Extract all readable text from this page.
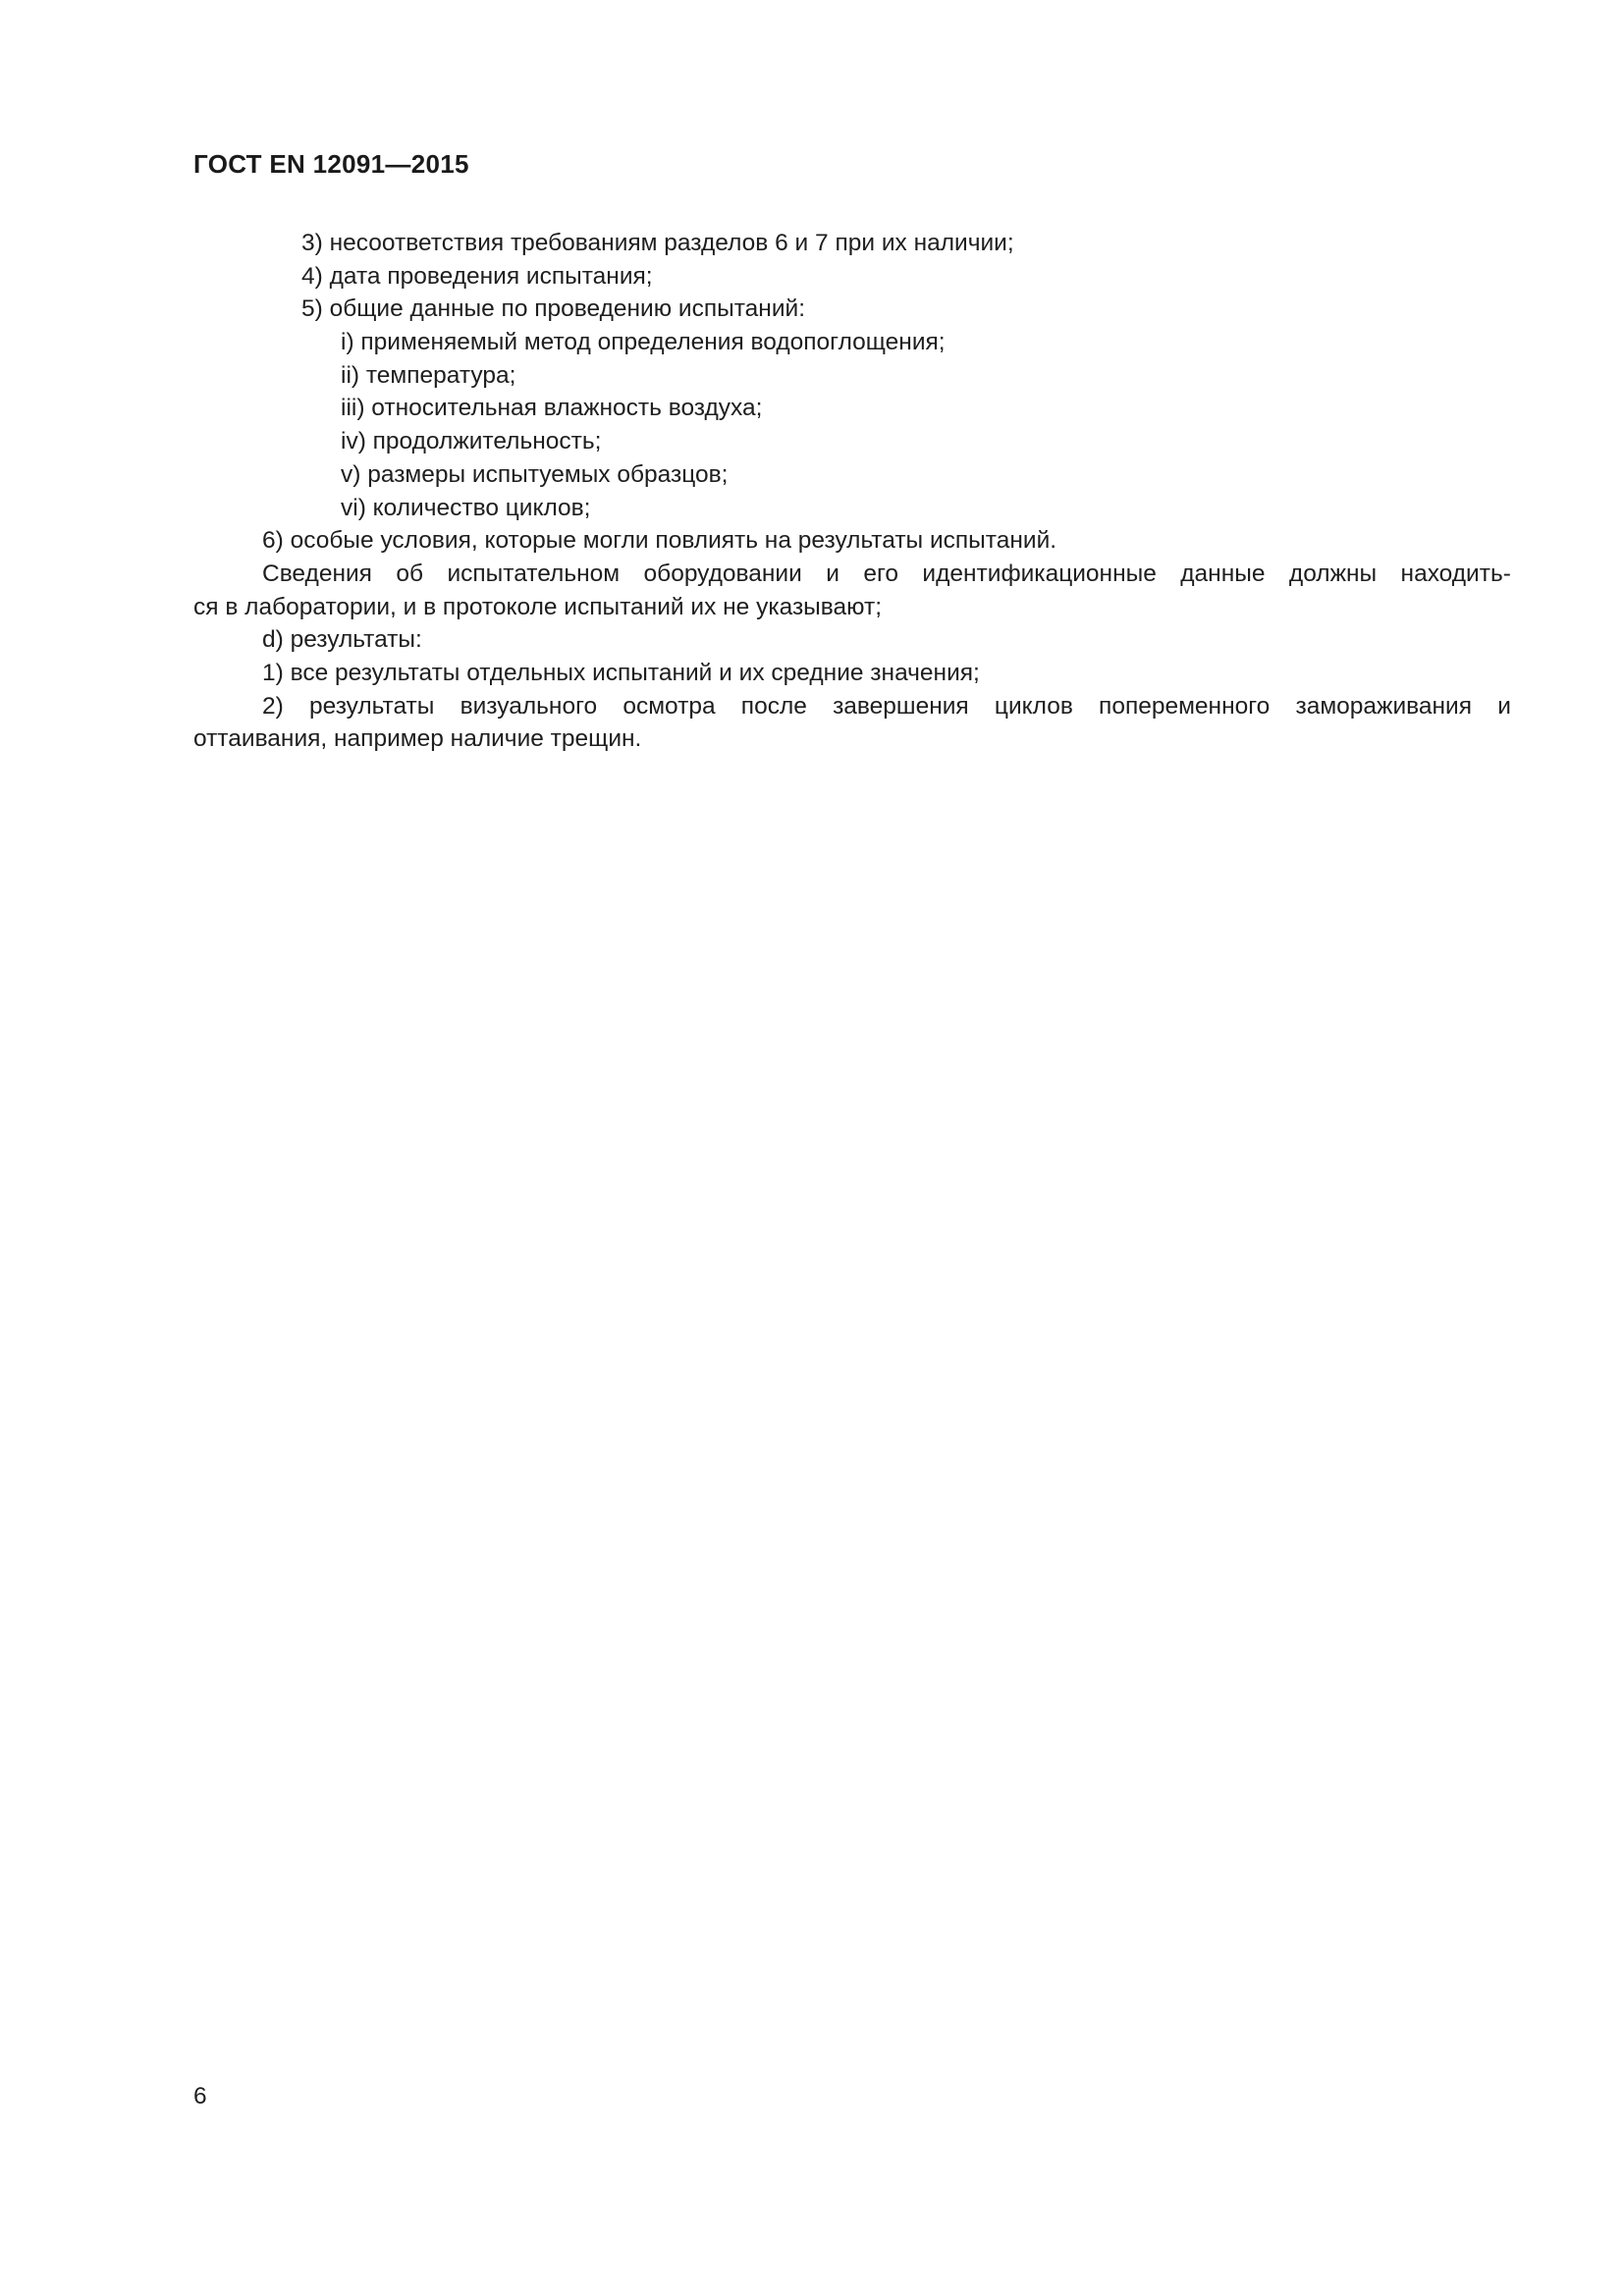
ГОСТ EN 12091—2015
3) несоответствия требованиям разделов 6 и 7 при их наличии;
4) дата проведения испытания;
5) общие данные по проведению испытаний:
i) применяемый метод определения водопоглощения;
ii) температура;
iii) относительная влажность воздуха;
iv) продолжительность;
v) размеры испытуемых образцов;
vi) количество циклов;
6) особые условия, которые могли повлиять на результаты испытаний.
Сведения об испытательном оборудовании и его идентификационные данные должны находить-
ся в лаборатории, и в протоколе испытаний их не указывают;
d) результаты:
1) все результаты отдельных испытаний и их средние значения;
2) результаты визуального осмотра после завершения циклов попеременного замораживания и
оттаивания, например наличие трещин.
6
